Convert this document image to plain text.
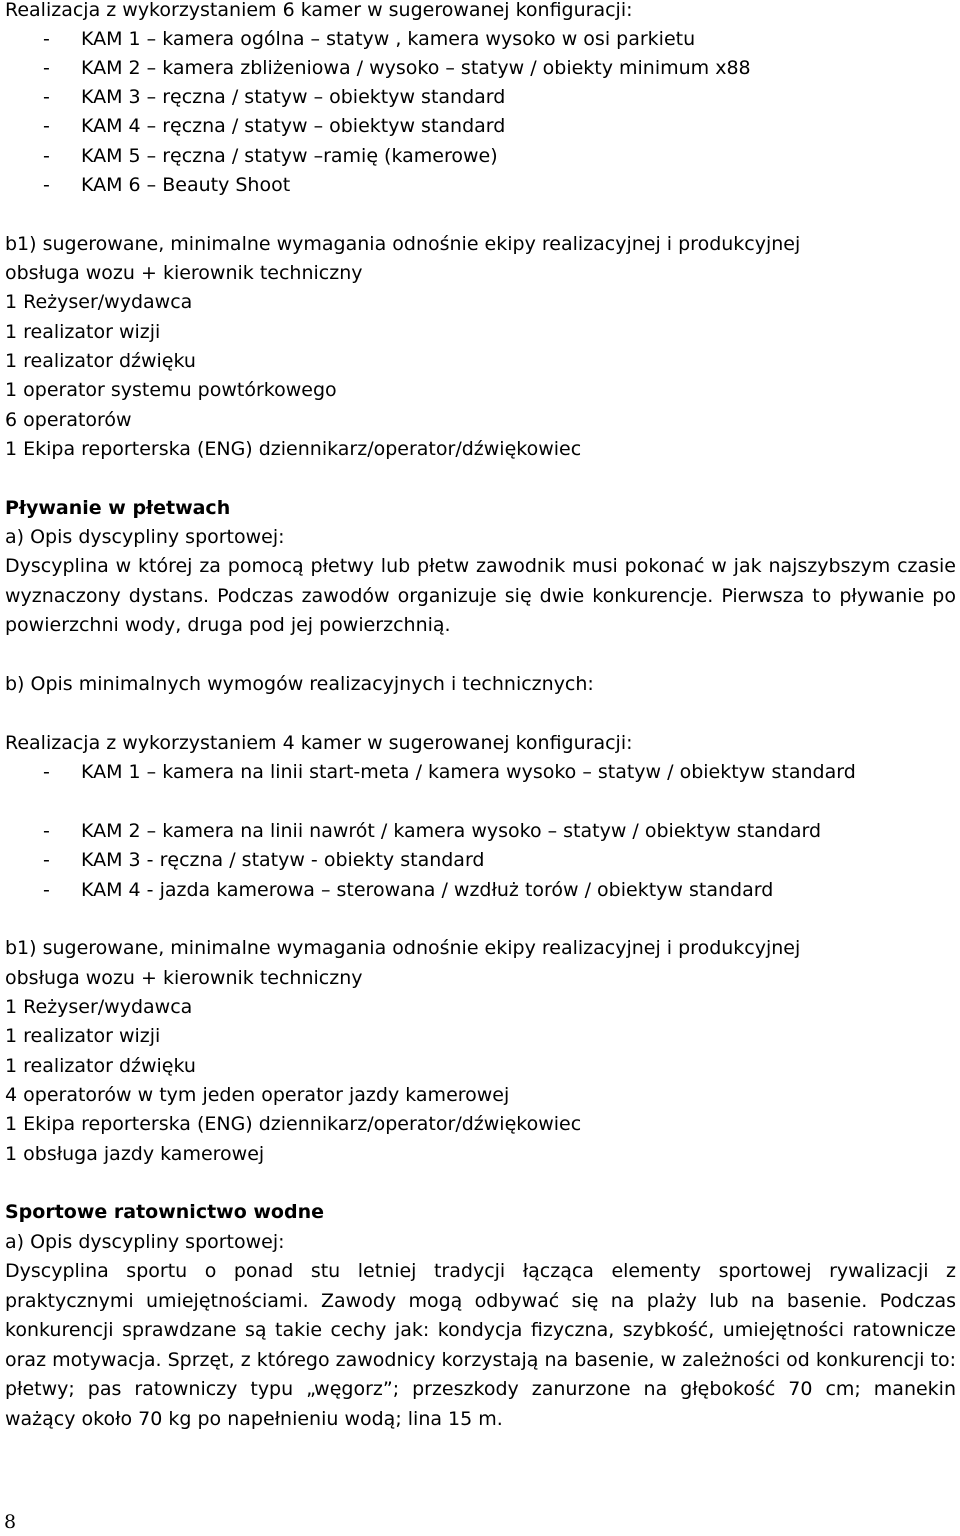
Realizacja z wykorzystaniem 6 kamer w sugerowanej konfiguracji:
- KAM 1 – kamera ogólna – statyw , kamera wysoko w osi parkietu
- KAM 2 – kamera zbliżeniowa / wysoko – statyw / obiekty minimum x88
- KAM 3 – ręczna / statyw – obiektyw standard
- KAM 4 – ręczna / statyw – obiektyw standard
- KAM 5 – ręczna / statyw –ramię (kamerowe)
- KAM 6 – Beauty Shoot
b1) sugerowane, minimalne wymagania odnośnie ekipy realizacyjnej i produkcyjnej
obsługa wozu + kierownik techniczny
1 Reżyser/wydawca
1 realizator wizji
1 realizator dźwięku
1 operator systemu powtórkowego
6 operatorów
1 Ekipa reporterska (ENG) dziennikarz/operator/dźwiękowiec
Pływanie w płetwach
a) Opis dyscypliny sportowej:
Dyscyplina w której za pomocą płetwy lub płetw zawodnik musi pokonać w jak najszybszym czasie wyznaczony dystans. Podczas zawodów organizuje się dwie konkurencje. Pierwsza to pływanie po powierzchni wody, druga pod jej powierzchnią.
b) Opis minimalnych wymogów realizacyjnych i technicznych:
Realizacja z wykorzystaniem 4 kamer w sugerowanej konfiguracji:
- KAM 1 – kamera na linii start-meta / kamera wysoko – statyw / obiektyw standard
- KAM 2 – kamera na linii nawrót / kamera wysoko – statyw / obiektyw standard
- KAM 3 - ręczna / statyw - obiekty standard
- KAM 4 - jazda kamerowa – sterowana / wzdłuż torów / obiektyw standard
b1) sugerowane, minimalne wymagania odnośnie ekipy realizacyjnej i produkcyjnej
obsługa wozu + kierownik techniczny
1 Reżyser/wydawca
1 realizator wizji
1 realizator dźwięku
4 operatorów w tym jeden operator jazdy kamerowej
1 Ekipa reporterska (ENG) dziennikarz/operator/dźwiękowiec
1 obsługa jazdy kamerowej
Sportowe ratownictwo wodne
a) Opis dyscypliny sportowej:
Dyscyplina sportu o ponad stu letniej tradycji łącząca elementy sportowej rywalizacji z praktycznymi umiejętnościami. Zawody mogą odbywać się na plaży lub na basenie. Podczas konkurencji sprawdzane są takie cechy jak: kondycja fizyczna, szybkość, umiejętności ratownicze oraz motywacja. Sprzęt, z którego zawodnicy korzystają na basenie, w zależności od konkurencji to: płetwy; pas ratowniczy typu „węgorz”; przeszkody zanurzone na głębokość 70 cm; manekin ważący około 70 kg po napełnieniu wodą; lina 15 m.
8
